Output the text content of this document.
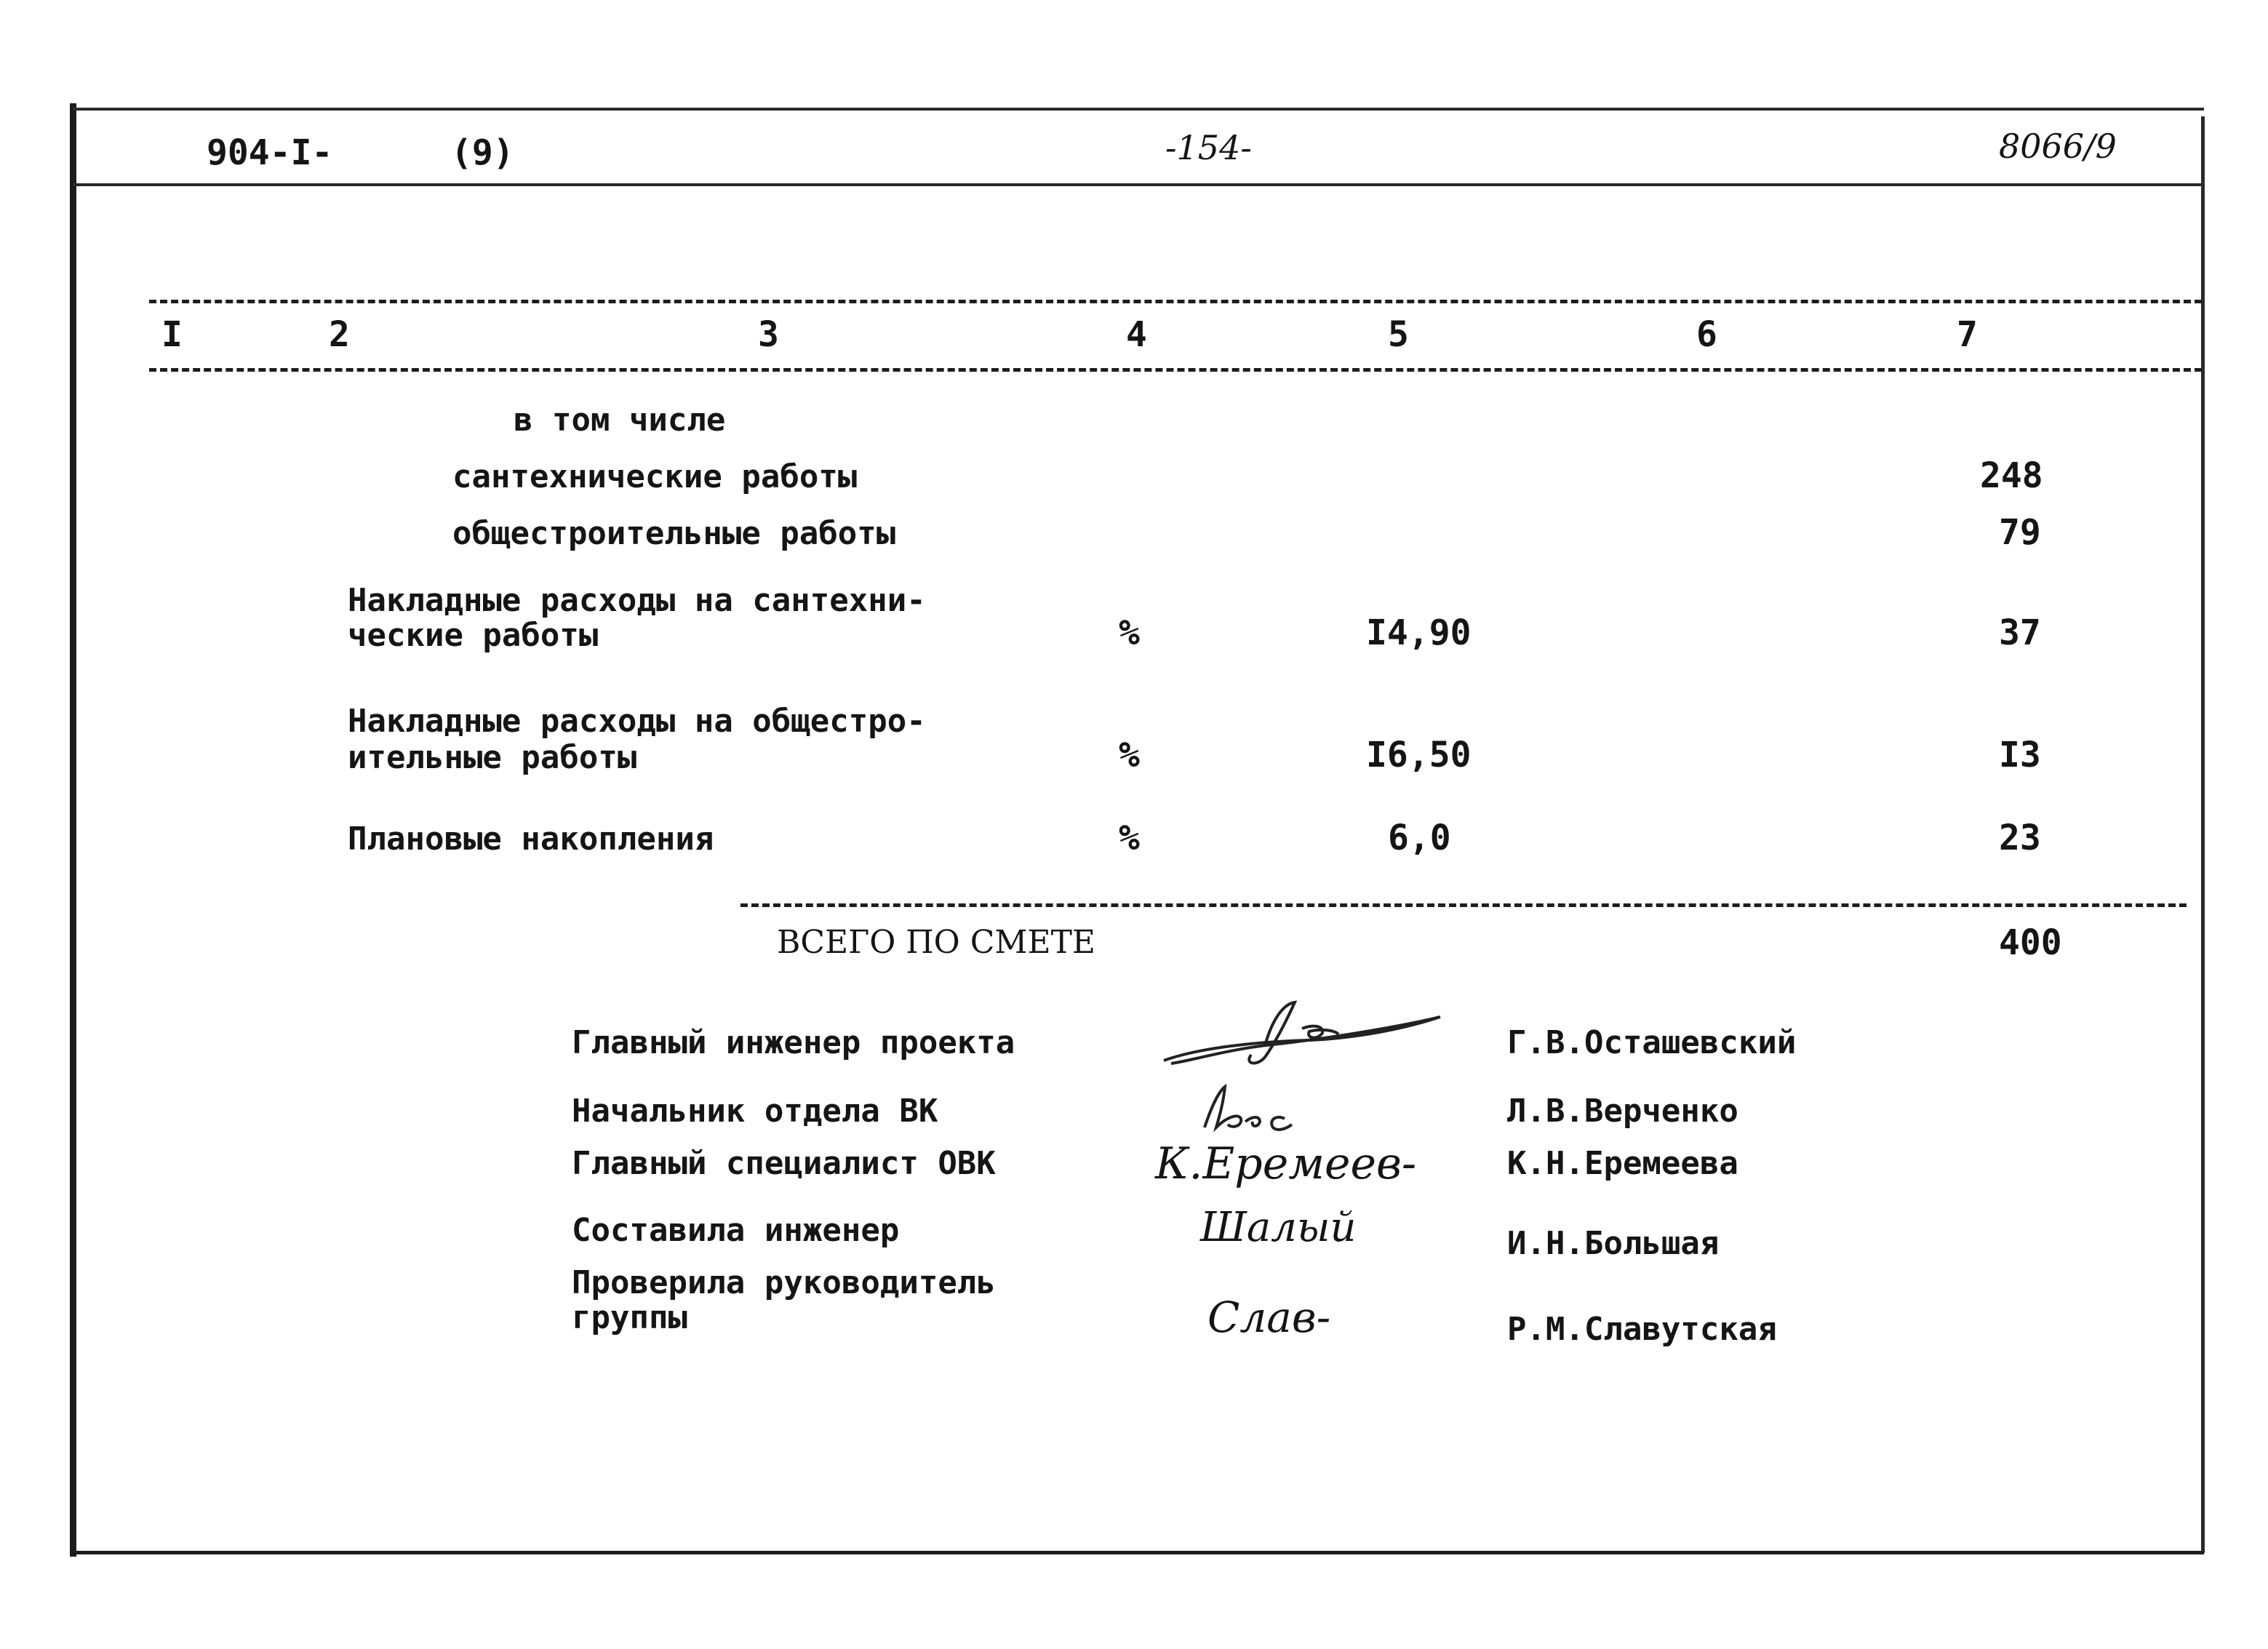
904-I-	(9)	-154-	8066/9
I	2	3	4	5	6	7
в том числе
сантехнические работы	248
общестроительные работы	79
Накладные расходы на сантехни-
ческие работы	%	I4,90	37
Накладные расходы на общестро-
ительные работы	%	I6,50	I3
Плановые накопления	%	6,0	23
ВСЕГО ПО СМЕТЕ	400
Главный инженер проекта	Г.В.Осташевский
Начальник отдела ВК	Л.В.Верченко
Главный специалист ОВК	К.Н.Еремеева
Составила инженер	И.Н.Большая
Проверила руководитель
группы	Р.М.Славутская
К.Еремеев-
Шалый
Слав-
